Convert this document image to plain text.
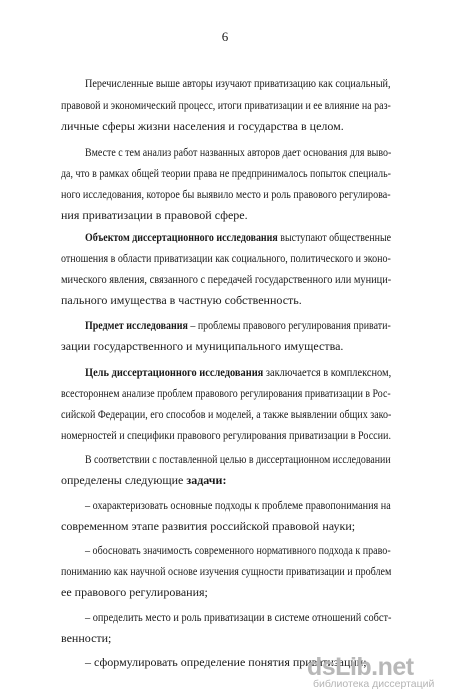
6
Перечисленные выше авторы изучают приватизацию как социальный,
правовой и экономический процесс, итоги приватизации и ее влияние на раз-
личные сферы жизни населения и государства в целом.
Вместе с тем анализ работ названных авторов дает основания для выво-
да, что в рамках общей теории права не предпринималось попыток специаль-
ного исследования, которое бы выявило место и роль правового регулирова-
ния приватизации в правовой сфере.
Объектом диссертационного исследования выступают общественные
отношения в области приватизации как социального, политического и эконо-
мического явления, связанного с передачей государственного или муници-
пального имущества в частную собственность.
Предмет исследования – проблемы правового регулирования привати-
зации государственного и муниципального имущества.
Цель диссертационного исследования заключается в комплексном,
всестороннем анализе проблем правового регулирования приватизации в Рос-
сийской Федерации, его способов и моделей, а также выявлении общих зако-
номерностей и специфики правового регулирования приватизации в России.
В соответствии с поставленной целью в диссертационном исследовании
определены следующие задачи:
– охарактеризовать основные подходы к проблеме правопонимания на
современном этапе развития российской правовой науки;
– обосновать значимость современного нормативного подхода к право-
пониманию как научной основе изучения сущности приватизации и проблем
ее правового регулирования;
– определить место и роль приватизации в системе отношений собст-
венности;
– сформулировать определение понятия приватизации;
dsLib.net
библиотека диссертаций
